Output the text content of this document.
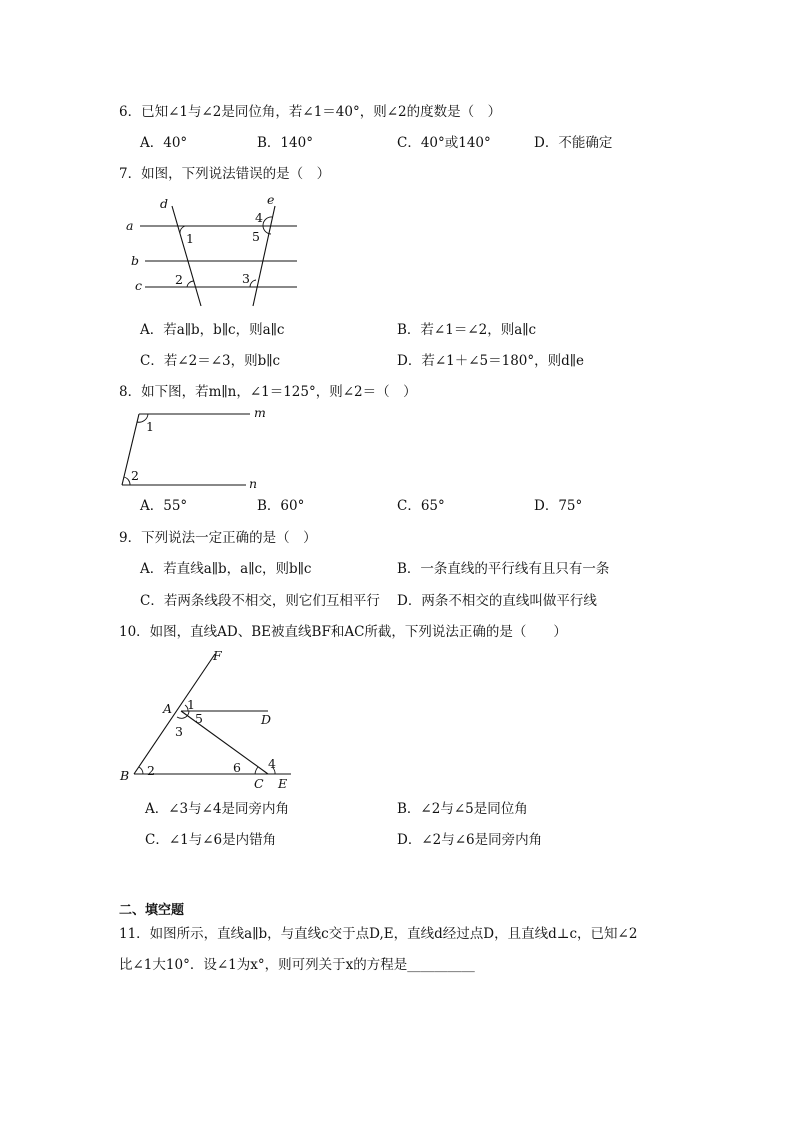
6．已知∠1与∠2是同位角，若∠1＝40°，则∠2的度数是（　）
A．40°	B．140°	C．40°或140°	D．不能确定
7．如图，下列说法错误的是（　）
a
b
c
d	e
1
2	3
4
5
A．若a∥b，b∥c，则a∥c	B．若∠1＝∠2，则a∥c
C．若∠2＝∠3，则b∥c	D．若∠1＋∠5＝180°，则d∥e
8．如下图，若m∥n，∠1＝125°，则∠2＝（　）
m
n
1
2
A．55°	B．60°	C．65°	D．75°
9．下列说法一定正确的是（　）
A．若直线a∥b，a∥c，则b∥c	B．一条直线的平行线有且只有一条
C．若两条线段不相交，则它们互相平行 D．两条不相交的直线叫做平行线
10．如图，直线AD、BE被直线BF和AC所截，下列说法正确的是（　　）
F
A
D
B
C E
1
5
3
2	6 4
A．∠3与∠4是同旁内角	B．∠2与∠5是同位角
C．∠1与∠6是内错角	D．∠2与∠6是同旁内角
二、填空题
11．如图所示，直线a∥b，与直线c交于点D,E，直线d经过点D，且直线d⊥c，已知∠2
比∠1大10°．设∠1为x°，则可列关于x的方程是__________
